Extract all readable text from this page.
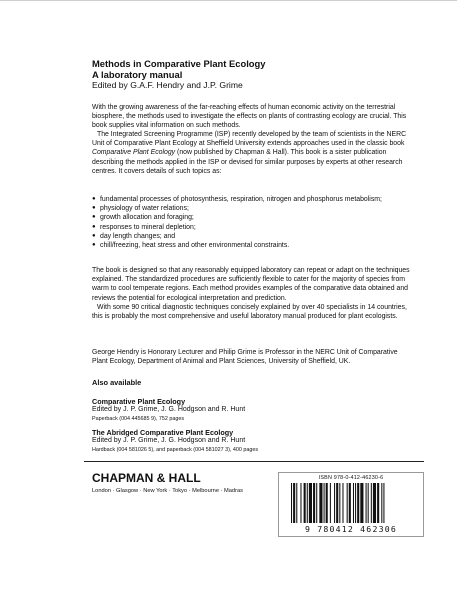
Methods in Comparative Plant Ecology
A laboratory manual
Edited by G.A.F. Hendry and J.P. Grime

With the growing awareness of the far-reaching effects of human economic activity on the terrestrial biosphere, the methods used to investigate the effects on plants of contrasting ecology are crucial. This book supplies vital information on such methods.

The Integrated Screening Programme (ISP) recently developed by the team of scientists in the NERC Unit of Comparative Plant Ecology at Sheffield University extends approaches used in the classic book Comparative Plant Ecology (now published by Chapman & Hall). This book is a sister publication describing the methods applied in the ISP or devised for similar purposes by experts at other research centres. It covers details of such topics as:

● fundamental processes of photosynthesis, respiration, nitrogen and phosphorus metabolism;
● physiology of water relations;
● growth allocation and foraging;
● responses to mineral depletion;
● day length changes; and
● chill/freezing, heat stress and other environmental constraints.

The book is designed so that any reasonably equipped laboratory can repeat or adapt on the techniques explained. The standardized procedures are sufficiently flexible to cater for the majority of species from warm to cool temperate regions. Each method provides examples of the comparative data obtained and reviews the potential for ecological interpretation and prediction.

With some 90 critical diagnostic techniques concisely explained by over 40 specialists in 14 countries, this is probably the most comprehensive and useful laboratory manual produced for plant ecologists.

George Hendry is Honorary Lecturer and Philip Grime is Professor in the NERC Unit of Comparative Plant Ecology, Department of Animal and Plant Sciences, University of Sheffield, UK.

Also available
Comparative Plant Ecology
Edited by J. P. Grime, J. G. Hodgson and R. Hunt
Paperback (004 445685 9), 752 pages
The Abridged Comparative Plant Ecology
Edited by J. P. Grime, J. G. Hodgson and R. Hunt
Hardback (004 581026 5), and paperback (004 581027 3), 400 pages
CHAPMAN & HALL
London · Glasgow · New York · Tokyo · Melbourne · Madras
ISBN 978-0-412-46230-6
9 780412 462306
